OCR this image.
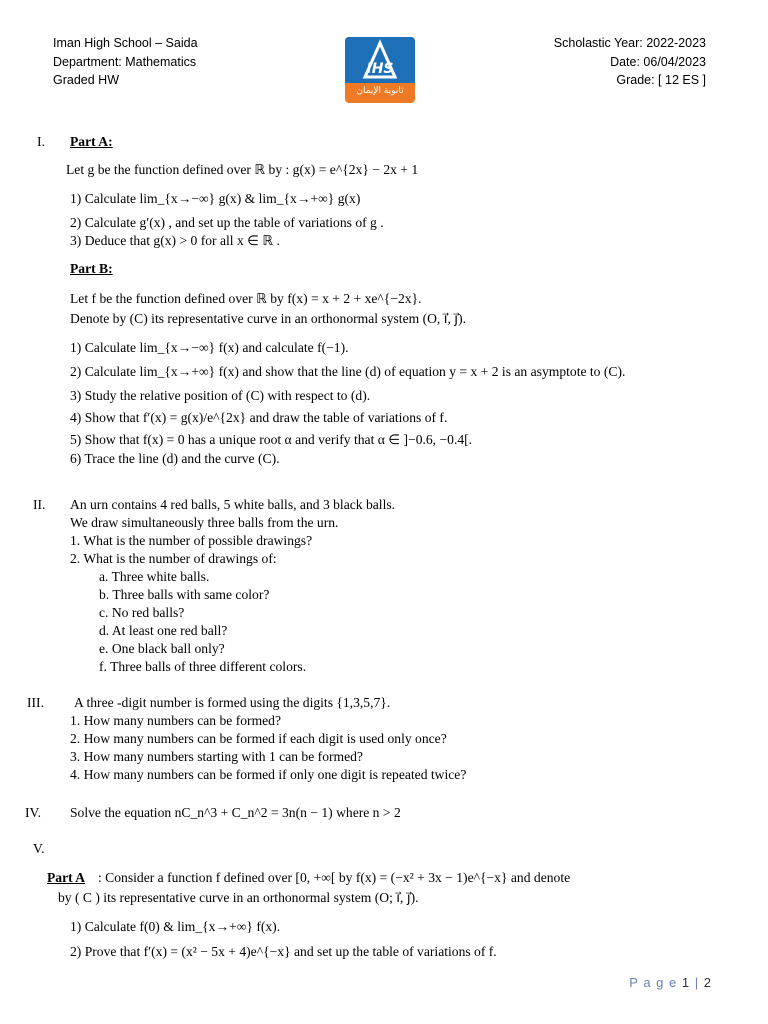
Iman High School – Saida
Department: Mathematics
Graded HW
IHS
ثانوية الإيمان
Scholastic Year: 2022-2023
Date: 06/04/2023
Grade: [ 12 ES ]
I. Part A:
Let g be the function defined over ℝ by : g(x) = e^{2x} − 2x + 1
1) Calculate lim_{x→−∞} g(x) & lim_{x→+∞} g(x)
2) Calculate g′(x) , and set up the table of variations of g .
3) Deduce that g(x) > 0 for all x ∈ ℝ .
Part B:
Let f be the function defined over ℝ by f(x) = x + 2 + xe^{−2x}.
Denote by (C) its representative curve in an orthonormal system (O, i⃗, j⃗).
1) Calculate lim_{x→−∞} f(x) and calculate f(−1).
2) Calculate lim_{x→+∞} f(x) and show that the line (d) of equation y = x + 2 is an asymptote to (C).
3) Study the relative position of (C) with respect to (d).
4) Show that f′(x) = g(x)/e^{2x} and draw the table of variations of f.
5) Show that f(x) = 0 has a unique root α and verify that α ∈ ]−0.6, −0.4[.
6) Trace the line (d) and the curve (C).
II. An urn contains 4 red balls, 5 white balls, and 3 black balls.
We draw simultaneously three balls from the urn.
1. What is the number of possible drawings?
2. What is the number of drawings of:
a. Three white balls.
b. Three balls with same color?
c. No red balls?
d. At least one red ball?
e. One black ball only?
f. Three balls of three different colors.
III. A three -digit number is formed using the digits {1,3,5,7}.
1. How many numbers can be formed?
2. How many numbers can be formed if each digit is used only once?
3. How many numbers starting with 1 can be formed?
4. How many numbers can be formed if only one digit is repeated twice?
IV. Solve the equation nC_n^3 + C_n^2 = 3n(n − 1) where n > 2
V.
Part A : Consider a function f defined over [0, +∞[ by f(x) = (−x² + 3x − 1)e^{−x} and denote
by ( C ) its representative curve in an orthonormal system (O; i⃗, j⃗).
1) Calculate f(0) & lim_{x→+∞} f(x).
2) Prove that f′(x) = (x² − 5x + 4)e^{−x} and set up the table of variations of f.
P a g e 1 | 2
